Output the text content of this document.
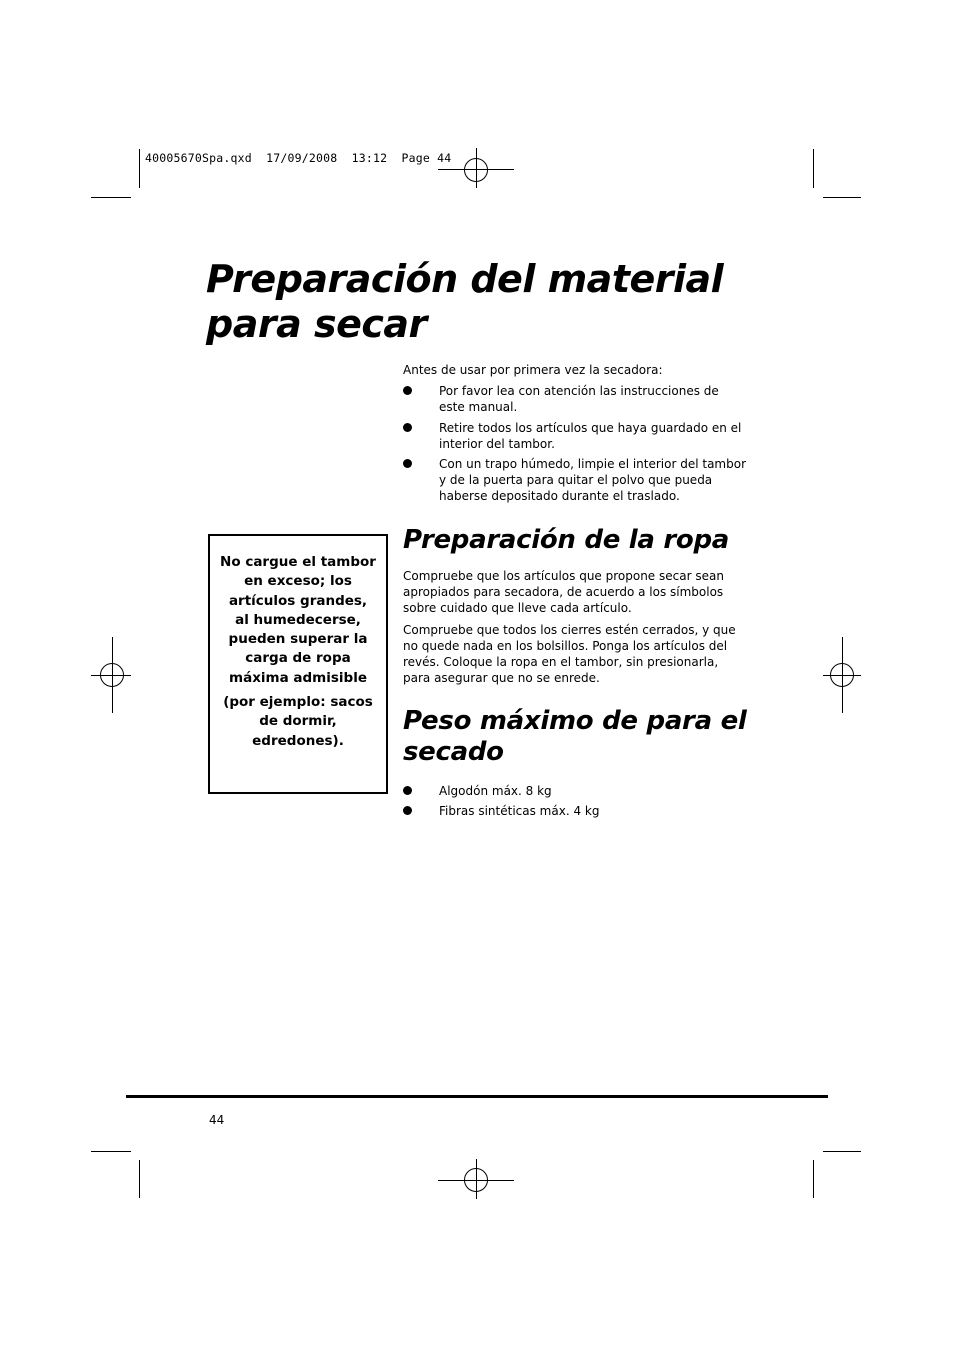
40005670Spa.qxd  17/09/2008  13:12  Page 44
Preparación del material para secar

Antes de usar por primera vez la secadora:

Por favor lea con atención las instrucciones de este manual.
Retire todos los artículos que haya guardado en el interior del tambor.
Con un trapo húmedo, limpie el interior del tambor y de la puerta para quitar el polvo que pueda haberse depositado durante el traslado.
Preparación de la ropa

Compruebe que los artículos que propone secar sean apropiados para secadora, de acuerdo a los símbolos sobre cuidado que lleve cada artículo.

Compruebe que todos los cierres estén cerrados, y que no quede nada en los bolsillos. Ponga los artículos del revés. Coloque la ropa en el tambor, sin presionarla, para asegurar que no se enrede.

Peso máximo de para el secado
Algodón máx. 8 kg
Fibras sintéticas máx. 4 kg

No cargue el tambor en exceso; los artículos grandes, al humedecerse, pueden superar la carga de ropa máxima admisible

(por ejemplo: sacos de dormir, edredones).

44
